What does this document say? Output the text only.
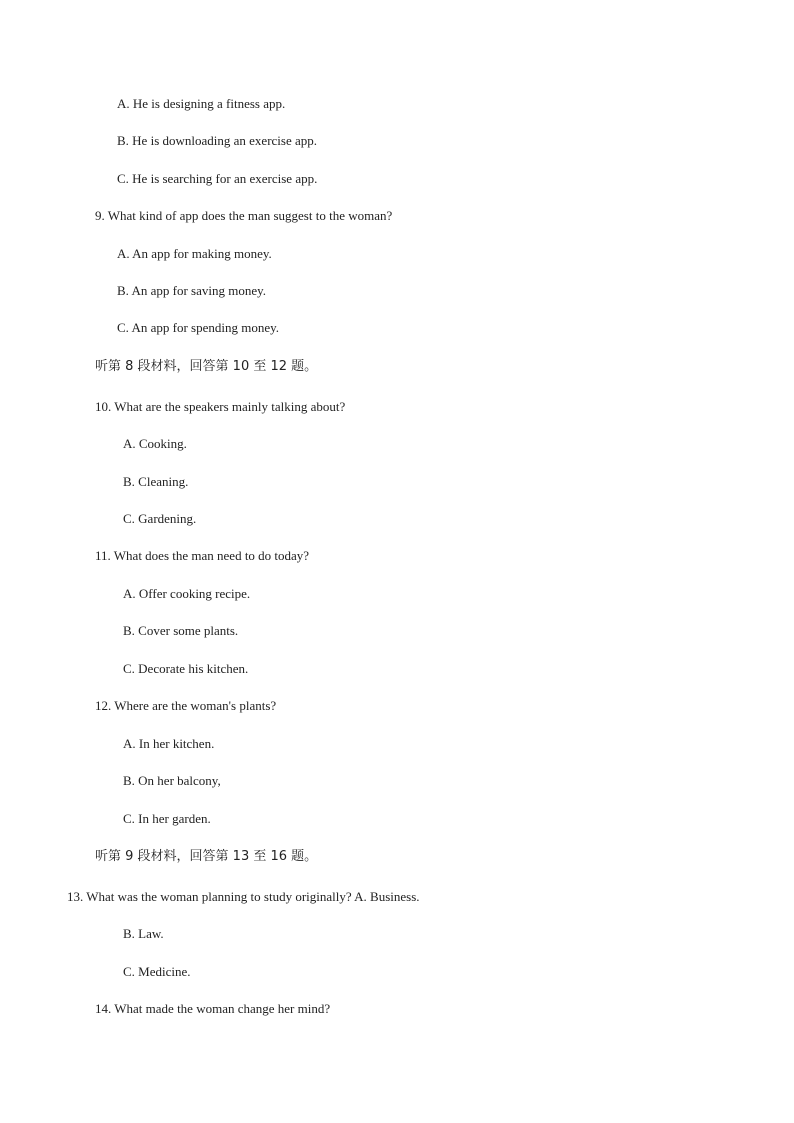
A. He is designing a fitness app.
B. He is downloading an exercise app.
C. He is searching for an exercise app.
9. What kind of app does the man suggest to the woman?
A. An app for making money.
B. An app for saving money.
C. An app for spending money.
听第 8 段材料，回答第 10 至 12 题。
10. What are the speakers mainly talking about?
A. Cooking.
B. Cleaning.
C. Gardening.
11. What does the man need to do today?
A. Offer cooking recipe.
B. Cover some plants.
C. Decorate his kitchen.
12. Where are the woman's plants?
A. In her kitchen.
B. On her balcony,
C. In her garden.
听第 9 段材料，回答第 13 至 16 题。
13. What was the woman planning to study originally? A. Business.
B. Law.
C. Medicine.
14. What made the woman change her mind?
